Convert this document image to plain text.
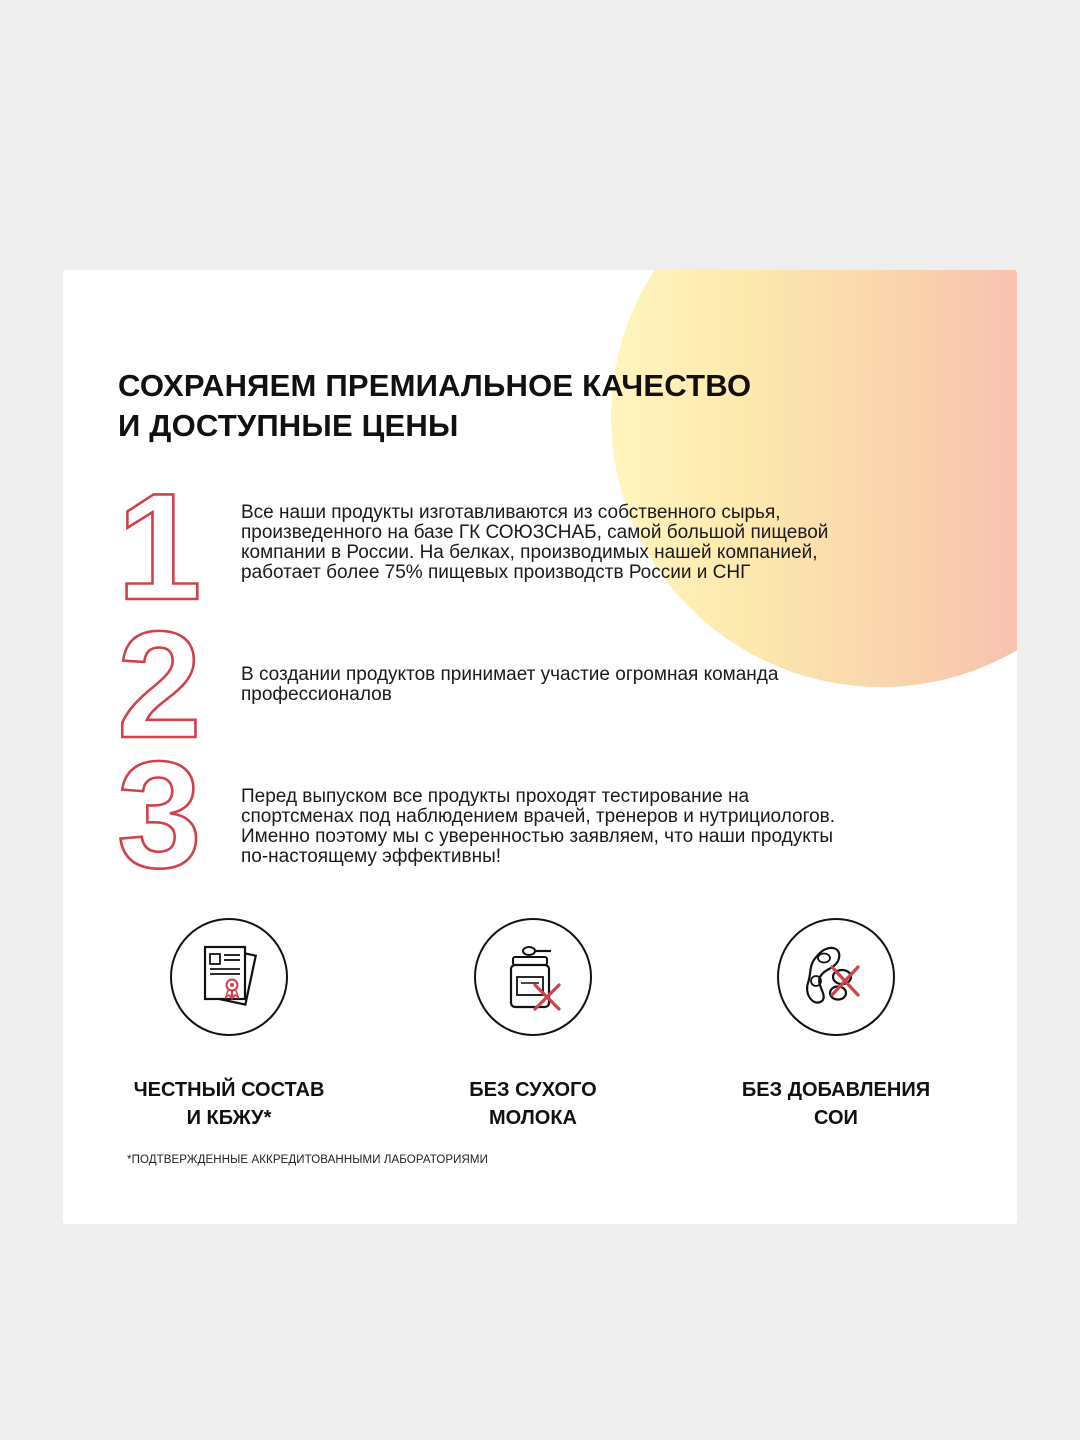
СОХРАНЯЕМ ПРЕМИАЛЬНОЕ КАЧЕСТВО
И ДОСТУПНЫЕ ЦЕНЫ
1 Все наши продукты изготавливаются из собственного сырья,
произведенного на базе ГК СОЮЗСНАБ, самой большой пищевой
компании в России. На белках, производимых нашей компанией,
работает более 75% пищевых производств России и СНГ

2 В создании продуктов принимает участие огромная команда
профессионалов

3 Перед выпуском все продукты проходят тестирование на
спортсменах под наблюдением врачей, тренеров и нутрициологов.
Именно поэтому мы с уверенностью заявляем, что наши продукты
по-настоящему эффективны!

ЧЕСТНЫЙ СОСТАВ
И КБЖУ*
БЕЗ СУХОГО
МОЛОКА
БЕЗ ДОБАВЛЕНИЯ
СОИ
*ПОДТВЕРЖДЕННЫЕ АККРЕДИТОВАННЫМИ ЛАБОРАТОРИЯМИ
